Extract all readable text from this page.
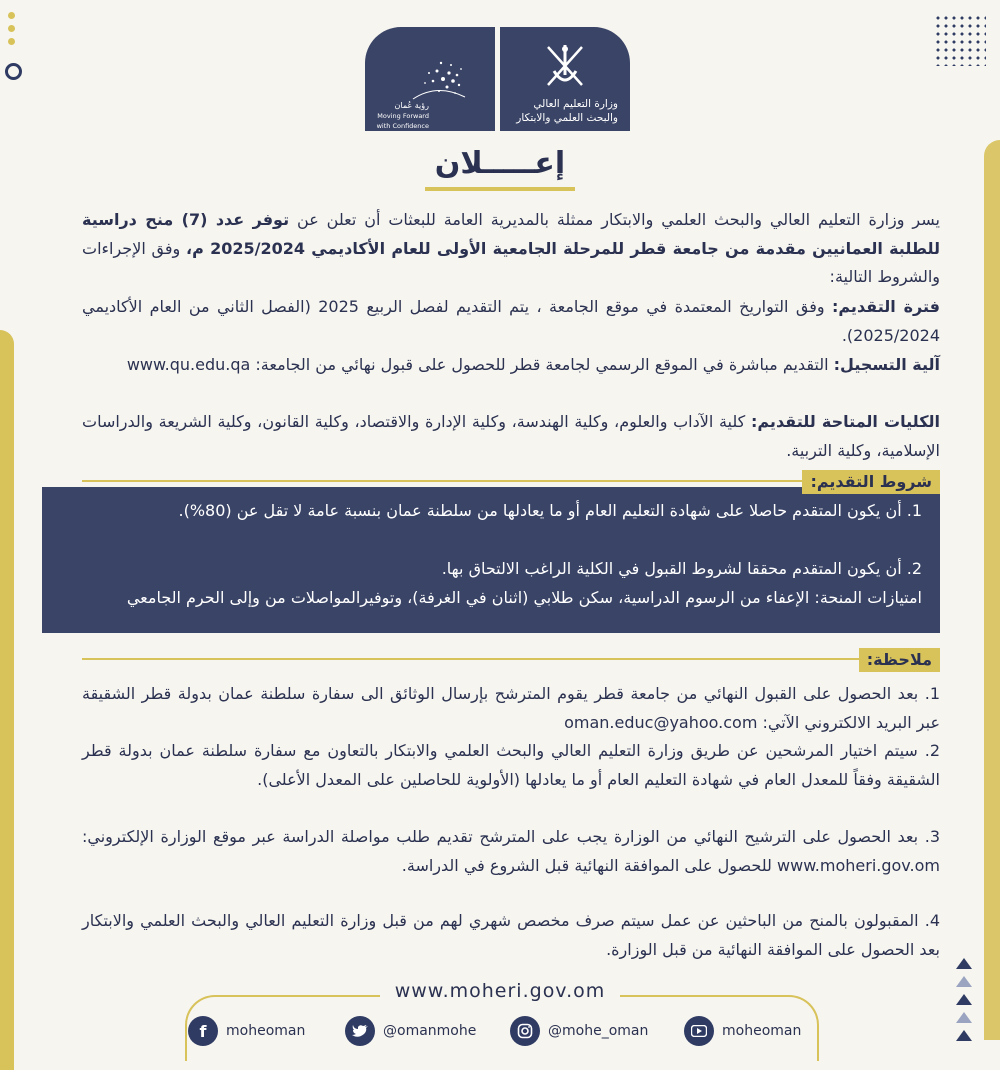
رؤية عُمان
Moving Forward with Confidence
وزارة التعليم العالي
والبحث العلمي والابتكار
إعـــــلان
يسر وزارة التعليم العالي والبحث العلمي والابتكار ممثلة بالمديرية العامة للبعثات أن تعلن عن توفر عدد (7) منح دراسية للطلبة العمانيين مقدمة من جامعة قطر للمرحلة الجامعية الأولى للعام الأكاديمي 2025/2024 م، وفق الإجراءات والشروط التالية:
فترة التقديم: وفق التواريخ المعتمدة في موقع الجامعة ، يتم التقديم لفصل الربيع 2025 (الفصل الثاني من العام الأكاديمي 2025/2024).
آلية التسجيل: التقديم مباشرة في الموقع الرسمي لجامعة قطر للحصول على قبول نهائي من الجامعة: www.qu.edu.qa
الكليات المتاحة للتقديم: كلية الآداب والعلوم، وكلية الهندسة، وكلية الإدارة والاقتصاد، وكلية القانون، وكلية الشريعة والدراسات الإسلامية، وكلية التربية.
1. أن يكون المتقدم حاصلا على شهادة التعليم العام أو ما يعادلها من سلطنة عمان بنسبة عامة لا تقل عن (80%).
2. أن يكون المتقدم محققا لشروط القبول في الكلية الراغب الالتحاق بها.
امتيازات المنحة: الإعفاء من الرسوم الدراسية، سكن طلابي (اثنان في الغرفة)، وتوفيرالمواصلات من وإلى الحرم الجامعي
شروط التقديم:
ملاحظة:
1. بعد الحصول على القبول النهائي من جامعة قطر يقوم المترشح بإرسال الوثائق الى سفارة سلطنة عمان بدولة قطر الشقيقة عبر البريد الالكتروني الآتي: oman.educ@yahoo.com
2. سيتم اختيار المرشحين عن طريق وزارة التعليم العالي والبحث العلمي والابتكار بالتعاون مع سفارة سلطنة عمان بدولة قطر الشقيقة وفقاً للمعدل العام في شهادة التعليم العام أو ما يعادلها (الأولوية للحاصلين على المعدل الأعلى).
3. بعد الحصول على الترشيح النهائي من الوزارة يجب على المترشح تقديم طلب مواصلة الدراسة عبر موقع الوزارة الإلكتروني: www.moheri.gov.om للحصول على الموافقة النهائية قبل الشروع في الدراسة.
4. المقبولون بالمنح من الباحثين عن عمل سيتم صرف مخصص شهري لهم من قبل وزارة التعليم العالي والبحث العلمي والابتكار بعد الحصول على الموافقة النهائية من قبل الوزارة.
www.moheri.gov.om
f	moheoman	@omanmohe	@mohe_oman	moheoman
